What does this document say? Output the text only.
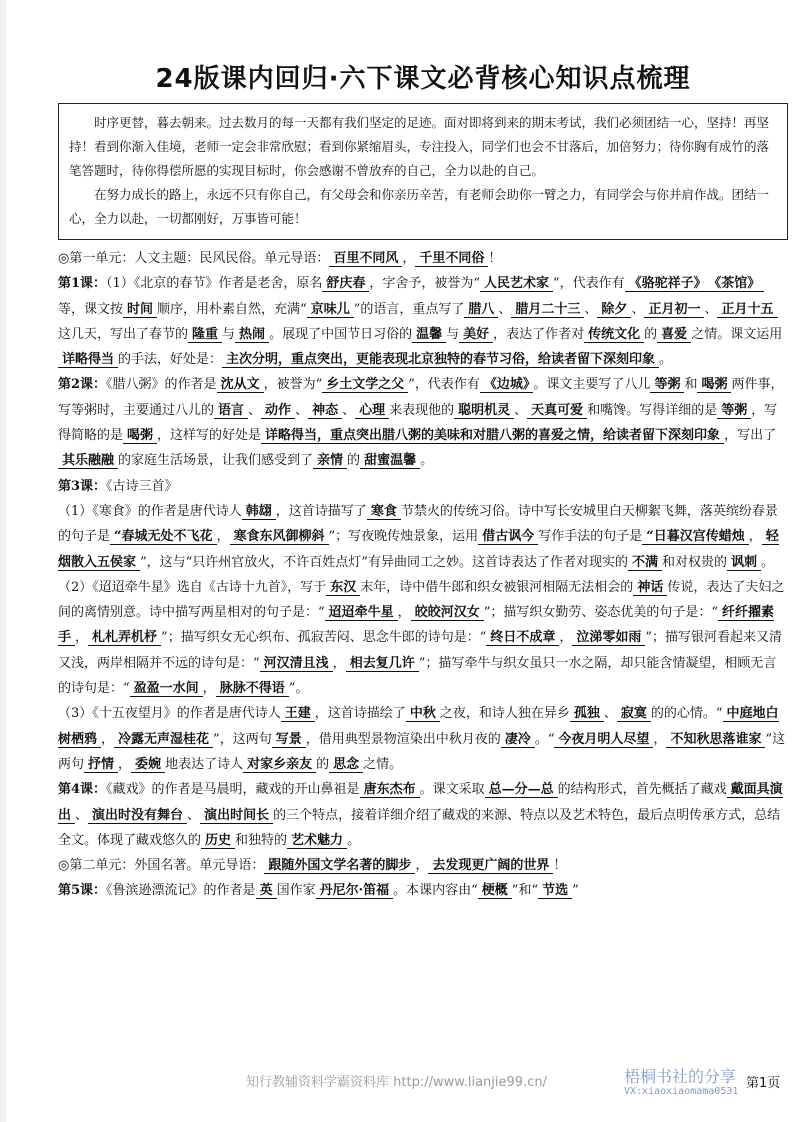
24版课内回归·六下课文必背核心知识点梳理

时序更替，暮去朝来。过去数月的每一天都有我们坚定的足迹。面对即将到来的期末考试，我们必须团结一心，坚持！再坚持！看到你渐入佳境，老师一定会非常欣慰；看到你紧缩眉头，专注投入，同学们也会不甘落后，加倍努力；待你胸有成竹的落笔答题时，待你得偿所愿的实现目标时，你会感谢不曾放弃的自己，全力以赴的自己。

在努力成长的路上，永远不只有你自己，有父母会和你亲历辛苦，有老师会助你一臂之力，有同学会与你并肩作战。团结一心，全力以赴，一切都刚好，万事皆可能！

◎第一单元：人文主题：民风民俗。单元导语： 百里不同风 ， 千里不同俗 ！

第1课：（1）《北京的春节》作者是老舍，原名 舒庆春 ，字舍予，被誉为“ 人民艺术家 ”，代表作有 《骆驼祥子》 《茶馆》等，课文按 时间 顺序，用朴素自然，充满“ 京味儿 ”的语言，重点写了 腊八 、 腊月二十三 、 除夕 、 正月初一 、 正月十五这几天，写出了春节的 隆重 与 热闹 。展现了中国节日习俗的 温馨 与 美好 ，表达了作者对 传统文化 的 喜爱 之情。课文运用详略得当 的手法，好处是： 主次分明，重点突出，更能表现北京独特的春节习俗，给读者留下深刻印象 。

第2课：《腊八粥》的作者是 沈从文 ，被誉为“ 乡土文学之父 ”，代表作有 《边城》 。课文主要写了八儿 等粥 和 喝粥 两件事，写等粥时，主要通过八儿的 语言 、 动作 、 神态 、 心理 来表现他的 聪明机灵 、 天真可爱 和嘴馋。写得详细的是 等粥 ，写得简略的是 喝粥 ，这样写的好处是 详略得当，重点突出腊八粥的美味和对腊八粥的喜爱之情，给读者留下深刻印象 ，写出了其乐融融 的家庭生活场景，让我们感受到了 亲情 的 甜蜜温馨 。

第3课：《古诗三首》

（1）《寒食》的作者是唐代诗人 韩翃 ，这首诗描写了 寒食 节禁火的传统习俗。诗中写长安城里白天柳絮飞舞，落英缤纷春景的句子是 “春城无处不飞花 ， 寒食东风御柳斜 ”；写夜晚传烛景象，运用 借古讽今 写作手法的句子是 “日暮汉宫传蜡烛 ， 轻烟散入五侯家 ”，这与“只许州官放火，不许百姓点灯”有异曲同工之妙。这首诗表达了作者对现实的 不满 和对权贵的 讽刺 。

（2）《迢迢牵牛星》选自《古诗十九首》，写于 东汉 末年，诗中借牛郎和织女被银河相隔无法相会的 神话 传说，表达了夫妇之间的离情别意。诗中描写两星相对的句子是：“ 迢迢牵牛星 ， 皎皎河汉女 ”；描写织女勤劳、姿态优美的句子是：“ 纤纤擢素手 ， 札札弄机杼 ”；描写织女无心织布、孤寂苦闷、思念牛郎的诗句是：“ 终日不成章 ， 泣涕零如雨 ”；描写银河看起来又清又浅，两岸相隔并不远的诗句是：“ 河汉清且浅 ， 相去复几许 ”；描写牵牛与织女虽只一水之隔，却只能含情凝望，相顾无言的诗句是：“ 盈盈一水间 ， 脉脉不得语 ”。

（3）《十五夜望月》的作者是唐代诗人 王建 ，这首诗描绘了 中秋 之夜，和诗人独在异乡 孤独 、 寂寞 的的心情。“ 中庭地白树栖鸦 ， 冷露无声湿桂花 ”，这两句 写景 ，借用典型景物渲染出中秋月夜的 凄冷 。“ 今夜月明人尽望 ， 不知秋思落谁家 ”这两句 抒情 ， 委婉 地表达了诗人 对家乡亲友 的 思念 之情。

第4课：《藏戏》的作者是马晨明，藏戏的开山鼻祖是 唐东杰布 。课文采取 总—分—总 的结构形式，首先概括了藏戏 戴面具演出 、 演出时没有舞台 、 演出时间长 的三个特点，接着详细介绍了藏戏的来源、特点以及艺术特色，最后点明传承方式，总结全文。体现了藏戏悠久的 历史 和独特的 艺术魅力 。

◎第二单元：外国名著。单元导语： 跟随外国文学名著的脚步 ， 去发现更广阔的世界 ！

第5课：《鲁滨逊漂流记》的作者是 英 国作家 丹尼尔·笛福 。本课内容由“ 梗概 ”和“ 节选 ”

知行教辅资料学霸资料库 http://www.lianjie99.cn/	梧桐书社的分享
VX:xiaoxiaomama0531
第1页
